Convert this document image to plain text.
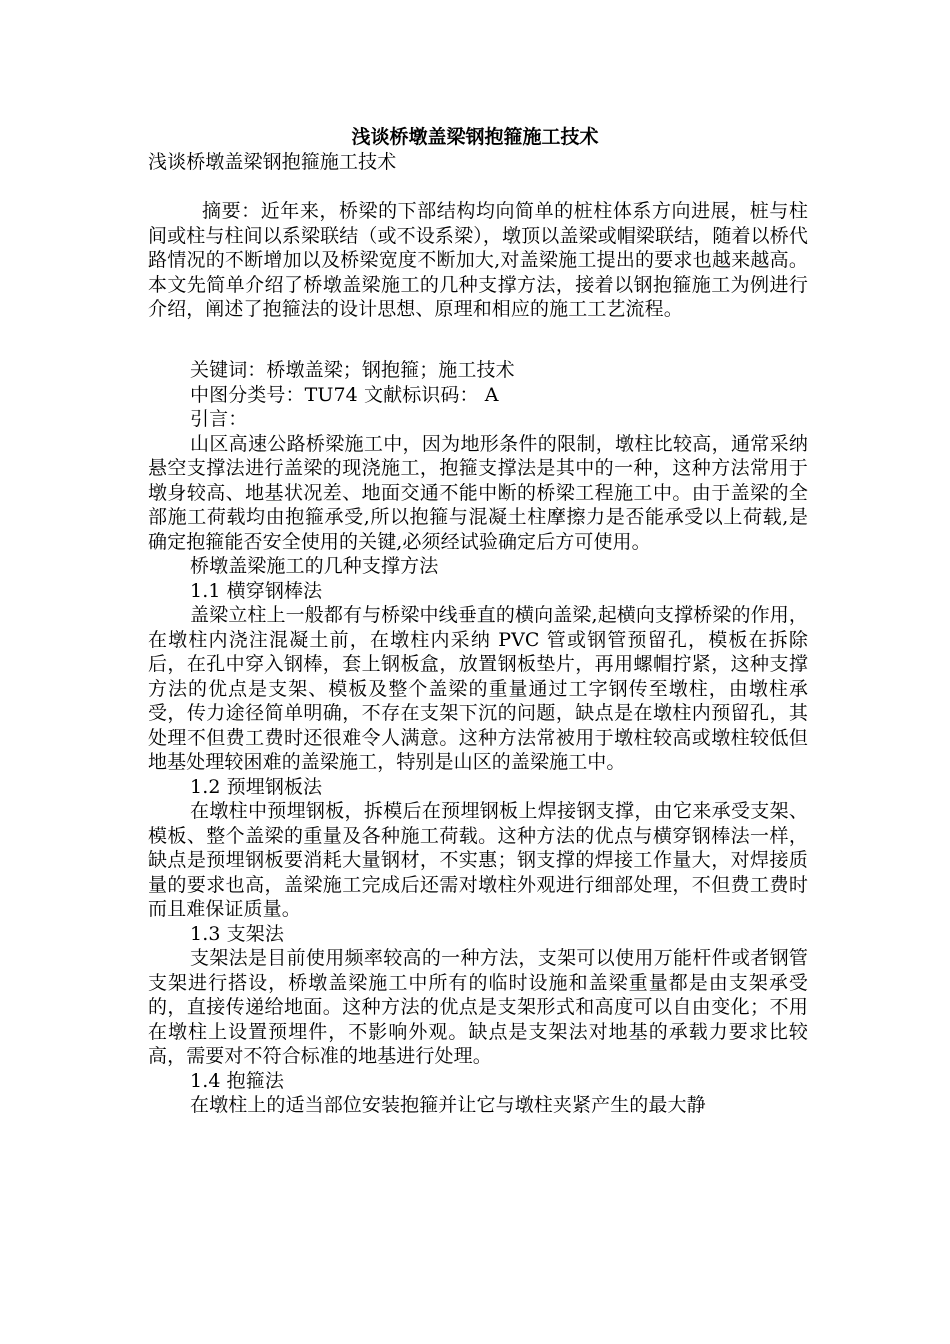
浅谈桥墩盖梁钢抱箍施工技术

浅谈桥墩盖梁钢抱箍施工技术

摘要：近年来，桥梁的下部结构均向简单的桩柱体系方向进展，桩与柱间或柱与柱间以系梁联结（或不设系梁），墩顶以盖梁或帽梁联结，随着以桥代路情况的不断增加以及桥梁宽度不断加大,对盖梁施工提出的要求也越来越高。本文先简单介绍了桥墩盖梁施工的几种支撑方法，接着以钢抱箍施工为例进行介绍，阐述了抱箍法的设计思想、原理和相应的施工工艺流程。

关键词：桥墩盖梁；钢抱箍；施工技术

中图分类号：TU74 文献标识码： A

引言：

山区高速公路桥梁施工中，因为地形条件的限制，墩柱比较高，通常采纳悬空支撑法进行盖梁的现浇施工，抱箍支撑法是其中的一种，这种方法常用于墩身较高、地基状况差、地面交通不能中断的桥梁工程施工中。由于盖梁的全部施工荷载均由抱箍承受,所以抱箍与混凝土柱摩擦力是否能承受以上荷载,是确定抱箍能否安全使用的关键,必须经试验确定后方可使用。

桥墩盖梁施工的几种支撑方法

1.1 横穿钢棒法

盖梁立柱上一般都有与桥梁中线垂直的横向盖梁,起横向支撑桥梁的作用，在墩柱内浇注混凝土前，在墩柱内采纳 PVC 管或钢管预留孔，模板在拆除后，在孔中穿入钢棒，套上钢板盒，放置钢板垫片，再用螺帽拧紧，这种支撑方法的优点是支架、模板及整个盖梁的重量通过工字钢传至墩柱，由墩柱承受，传力途径简单明确，不存在支架下沉的问题，缺点是在墩柱内预留孔，其处理不但费工费时还很难令人满意。这种方法常被用于墩柱较高或墩柱较低但地基处理较困难的盖梁施工，特别是山区的盖梁施工中。

1.2 预埋钢板法

在墩柱中预埋钢板，拆模后在预埋钢板上焊接钢支撑，由它来承受支架、模板、整个盖梁的重量及各种施工荷载。这种方法的优点与横穿钢棒法一样，缺点是预埋钢板要消耗大量钢材，不实惠；钢支撑的焊接工作量大，对焊接质量的要求也高，盖梁施工完成后还需对墩柱外观进行细部处理，不但费工费时而且难保证质量。

1.3 支架法

支架法是目前使用频率较高的一种方法，支架可以使用万能杆件或者钢管支架进行搭设，桥墩盖梁施工中所有的临时设施和盖梁重量都是由支架承受的，直接传递给地面。这种方法的优点是支架形式和高度可以自由变化；不用在墩柱上设置预埋件，不影响外观。缺点是支架法对地基的承载力要求比较高，需要对不符合标准的地基进行处理。

1.4 抱箍法

在墩柱上的适当部位安装抱箍并让它与墩柱夹紧产生的最大静
